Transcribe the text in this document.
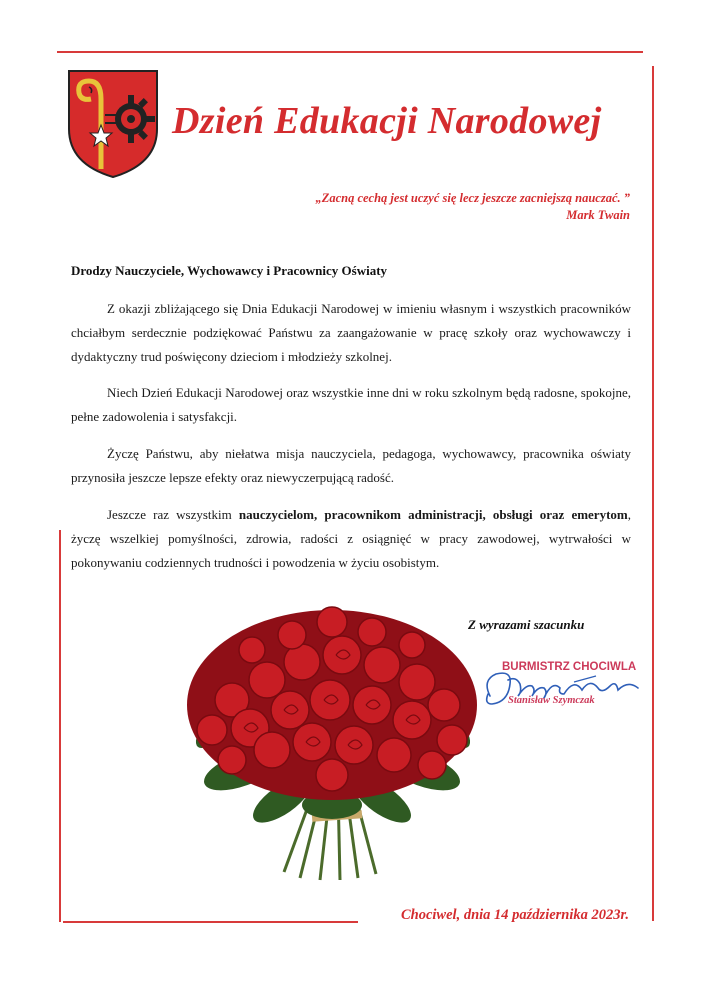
Dzień Edukacji Narodowej
„Zacną cechą jest uczyć się lecz jeszcze zacniejszą nauczać. ”
Mark Twain
Drodzy Nauczyciele, Wychowawcy i Pracownicy Oświaty

Z okazji zbliżającego się Dnia Edukacji Narodowej w imieniu własnym i wszystkich pracowników chciałbym serdecznie podziękować Państwu za zaangażowanie w pracę szkoły oraz wychowawczy i dydaktyczny trud poświęcony dzieciom i młodzieży szkolnej.

Niech Dzień Edukacji Narodowej oraz wszystkie inne dni w roku szkolnym będą radosne, spokojne, pełne zadowolenia i satysfakcji.

Życzę Państwu, aby niełatwa misja nauczyciela, pedagoga, wychowawcy, pracownika oświaty przynosiła jeszcze lepsze efekty oraz niewyczerpującą radość.

Jeszcze raz wszystkim nauczycielom, pracownikom administracji, obsługi oraz emerytom, życzę wszelkiej pomyślności, zdrowia, radości z osiągnięć w pracy zawodowej, wytrwałości w pokonywaniu codziennych trudności i powodzenia w życiu osobistym.

Z wyrazami szacunku
BURMISTRZ CHOCIWLA
Stanisław Szymczak
Chociwel, dnia 14 października 2023r.
